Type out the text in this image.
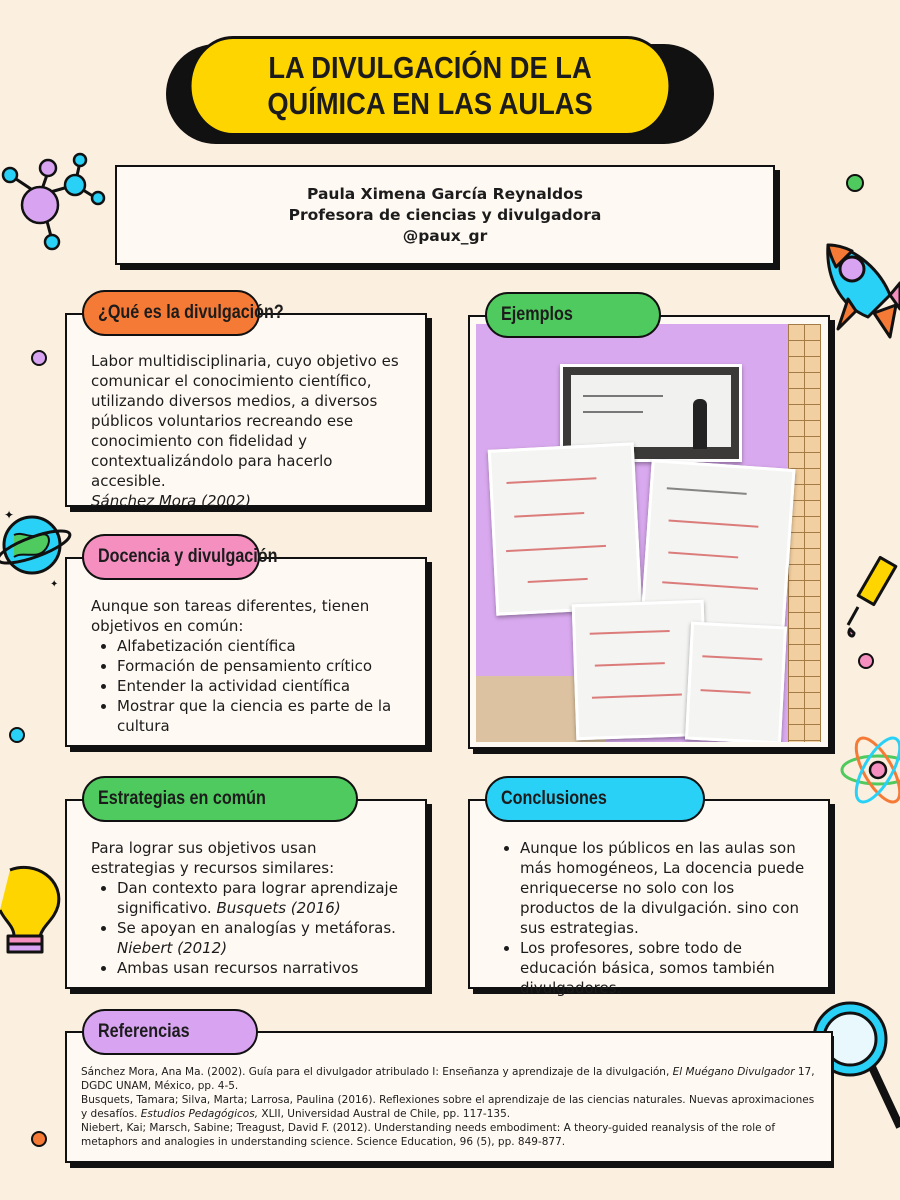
✦
✦
LA DIVULGACIÓN DE LA
QUÍMICA EN LAS AULAS
Paula Ximena García Reynaldos
Profesora de ciencias y divulgadora
@paux_gr

Labor multidisciplinaria, cuyo objetivo es comunicar el conocimiento científico, utilizando diversos medios, a diversos públicos voluntarios recreando ese conocimiento con fidelidad y contextualizándolo para hacerlo accesible.

Sánchez Mora (2002)

¿Qué es la divulgación?

Aunque son tareas diferentes, tienen objetivos en común:

• Alfabetización científica
• Formación de pensamiento crítico
• Entender la actividad científica
• Mostrar que la ciencia es parte de la cultura
Docencia y divulgación
Ejemplos

Para lograr sus objetivos usan estrategias y recursos similares:

• Dan contexto para lograr aprendizaje significativo. Busquets (2016)
• Se apoyan en analogías y metáforas. Niebert (2012)
• Ambas usan recursos narrativos
Estrategias en común
• Aunque los públicos en las aulas son más homogéneos, La docencia puede enriquecerse no solo con los productos de la divulgación. sino con sus estrategias.
• Los profesores, sobre todo de educación básica, somos también divulgadores.
Conclusiones

Sánchez Mora, Ana Ma. (2002). Guía para el divulgador atribulado I: Enseñanza y aprendizaje de la divulgación, El Muégano Divulgador 17, DGDC UNAM, México, pp. 4-5.

Busquets, Tamara; Silva, Marta; Larrosa, Paulina (2016). Reflexiones sobre el aprendizaje de las ciencias naturales. Nuevas aproximaciones y desafíos. Estudios Pedagógicos, XLII, Universidad Austral de Chile, pp. 117-135.

Niebert, Kai; Marsch, Sabine; Treagust, David F. (2012). Understanding needs embodiment: A theory-guided reanalysis of the role of metaphors and analogies in understanding science. Science Education, 96 (5), pp. 849-877.

Referencias
